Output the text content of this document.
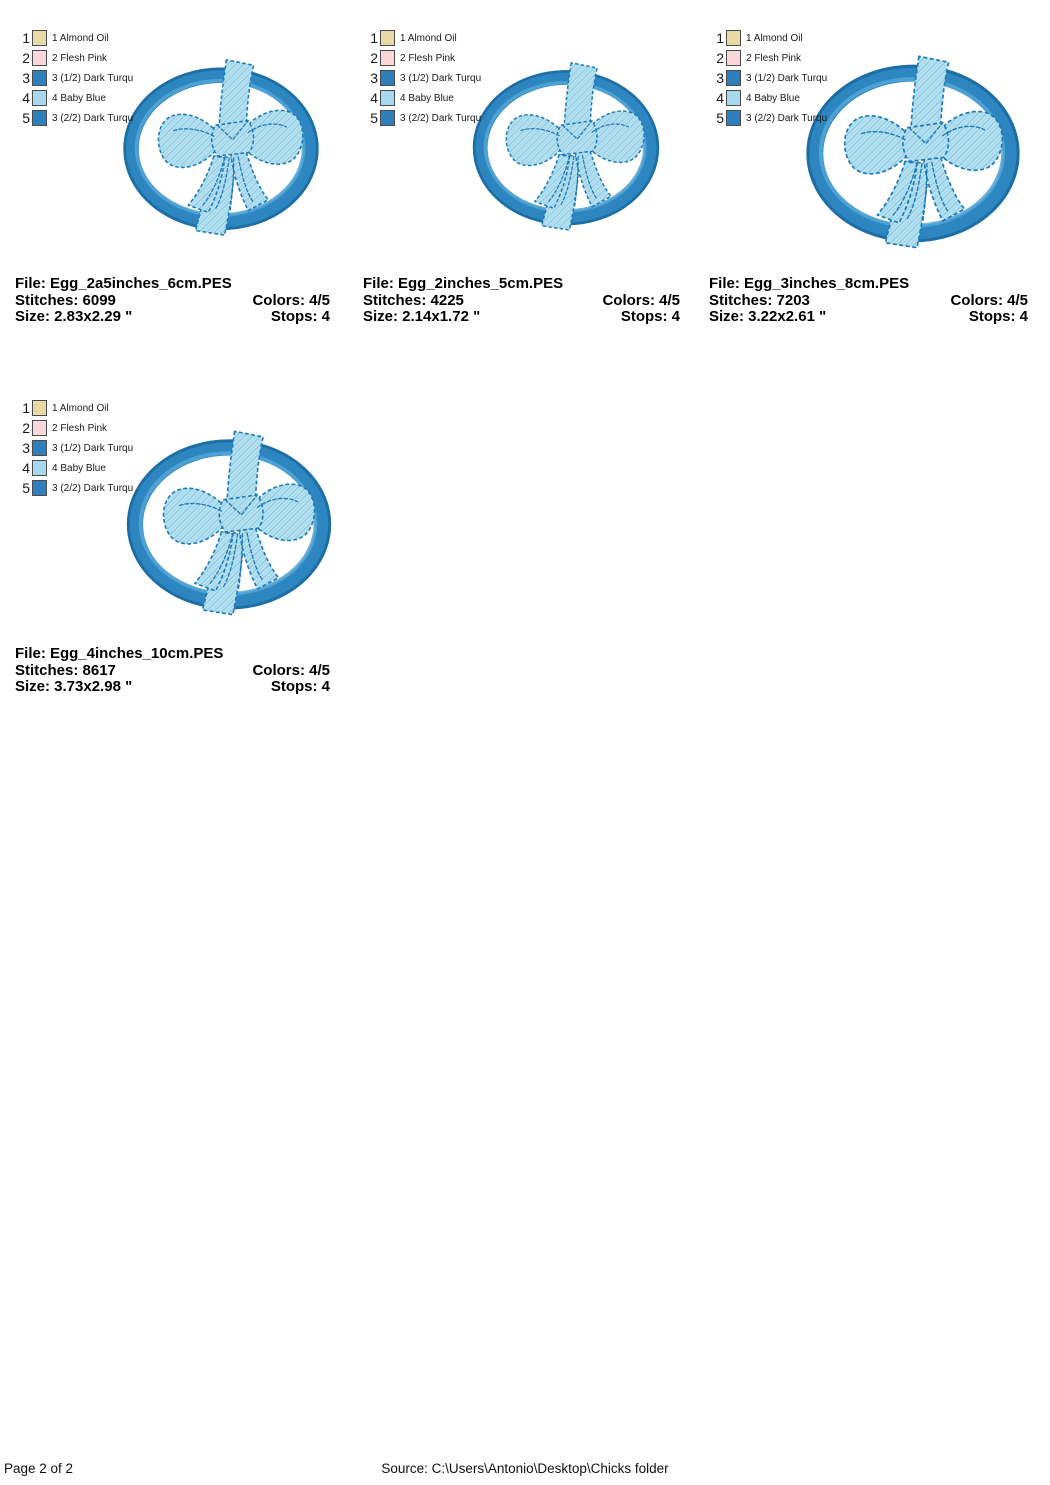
1 1 Almond Oil
2 2 Flesh Pink
3 3 (1/2) Dark Turqu
4 4 Baby Blue
5 3 (2/2) Dark Turqu
File: Egg_2a5inches_6cm.PES
Stitches: 6099	Colors: 4/5
Size: 2.83x2.29 "	Stops: 4
1 1 Almond Oil
2 2 Flesh Pink
3 3 (1/2) Dark Turqu
4 4 Baby Blue
5 3 (2/2) Dark Turqu
File: Egg_2inches_5cm.PES
Stitches: 4225	Colors: 4/5
Size: 2.14x1.72 "	Stops: 4
1 1 Almond Oil
2 2 Flesh Pink
3 3 (1/2) Dark Turqu
4 4 Baby Blue
5 3 (2/2) Dark Turqu
File: Egg_3inches_8cm.PES
Stitches: 7203	Colors: 4/5
Size: 3.22x2.61 "	Stops: 4
1 1 Almond Oil
2 2 Flesh Pink
3 3 (1/2) Dark Turqu
4 4 Baby Blue
5 3 (2/2) Dark Turqu
File: Egg_4inches_10cm.PES
Stitches: 8617	Colors: 4/5
Size: 3.73x2.98 "	Stops: 4
Page 2 of 2	Source: C:\Users\Antonio\Desktop\Chicks folder
